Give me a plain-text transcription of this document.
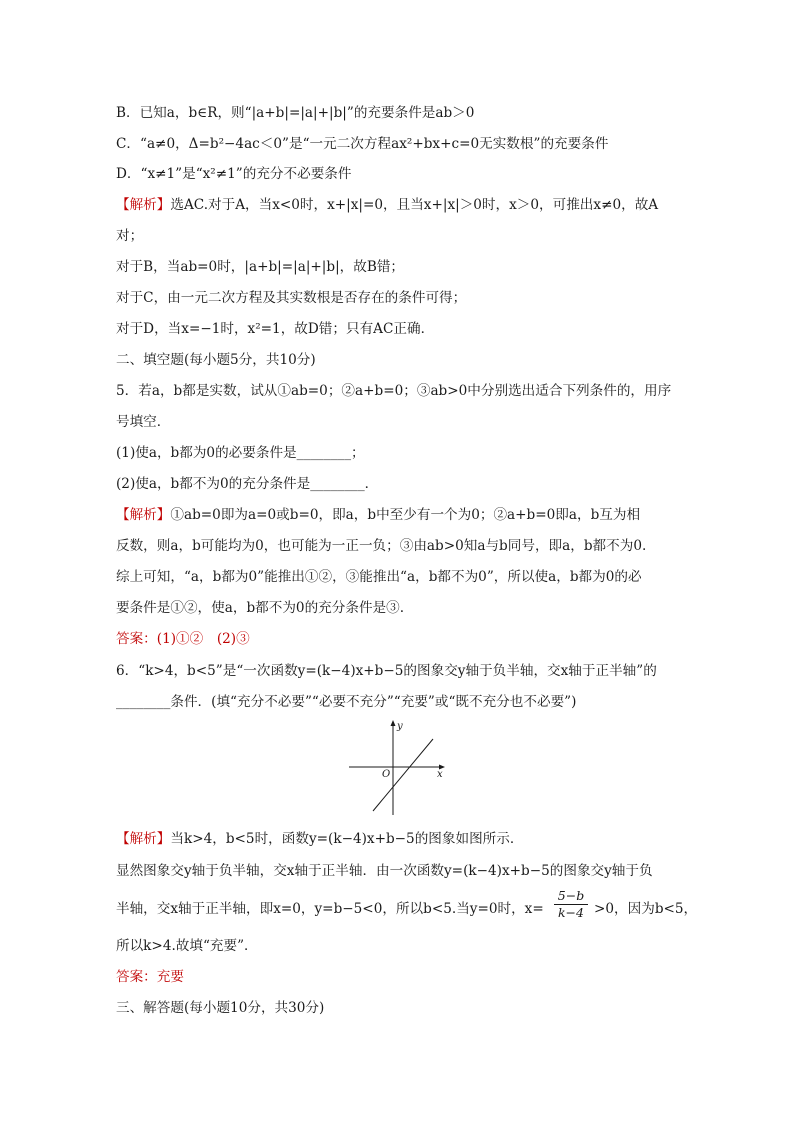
B．已知a，b∈R，则“|a+b|=|a|+|b|”的充要条件是ab＞0
C．“a≠0，Δ=b²−4ac＜0”是“一元二次方程ax²+bx+c=0无实数根”的充要条件
D．“x≠1”是“x²≠1”的充分不必要条件
【解析】选AC.对于A，当x<0时，x+|x|=0，且当x+|x|＞0时，x＞0，可推出x≠0，故A
对；
对于B，当ab=0时，|a+b|=|a|+|b|，故B错；
对于C，由一元二次方程及其实数根是否存在的条件可得；
对于D，当x=−1时，x²=1，故D错；只有AC正确．
二、填空题(每小题5分，共10分)
5．若a，b都是实数，试从①ab=0；②a+b=0；③ab>0中分别选出适合下列条件的，用序
号填空．
(1)使a，b都为0的必要条件是________；
(2)使a，b都不为0的充分条件是________．
【解析】①ab=0即为a=0或b=0，即a，b中至少有一个为0；②a+b=0即a，b互为相
反数，则a，b可能均为0，也可能为一正一负；③由ab>0知a与b同号，即a，b都不为0.
综上可知，“a，b都为0”能推出①②，③能推出“a，b都不为0”，所以使a，b都为0的必
要条件是①②，使a，b都不为0的充分条件是③.
答案：(1)①②　(2)③
6．“k>4，b<5”是“一次函数y=(k−4)x+b−5的图象交y轴于负半轴，交x轴于正半轴”的
________条件．(填“充分不必要”“必要不充分”“充要”或“既不充分也不必要”)
y
x
O
【解析】当k>4，b<5时，函数y=(k−4)x+b−5的图象如图所示．
显然图象交y轴于负半轴，交x轴于正半轴．由一次函数y=(k−4)x+b−5的图象交y轴于负
半轴，交x轴于正半轴，即x=0，y=b−5<0，所以b<5.当y=0时，x=
5−b
k−4 >0，因为b<5，
所以k>4.故填“充要”．
答案：充要
三、解答题(每小题10分，共30分)
